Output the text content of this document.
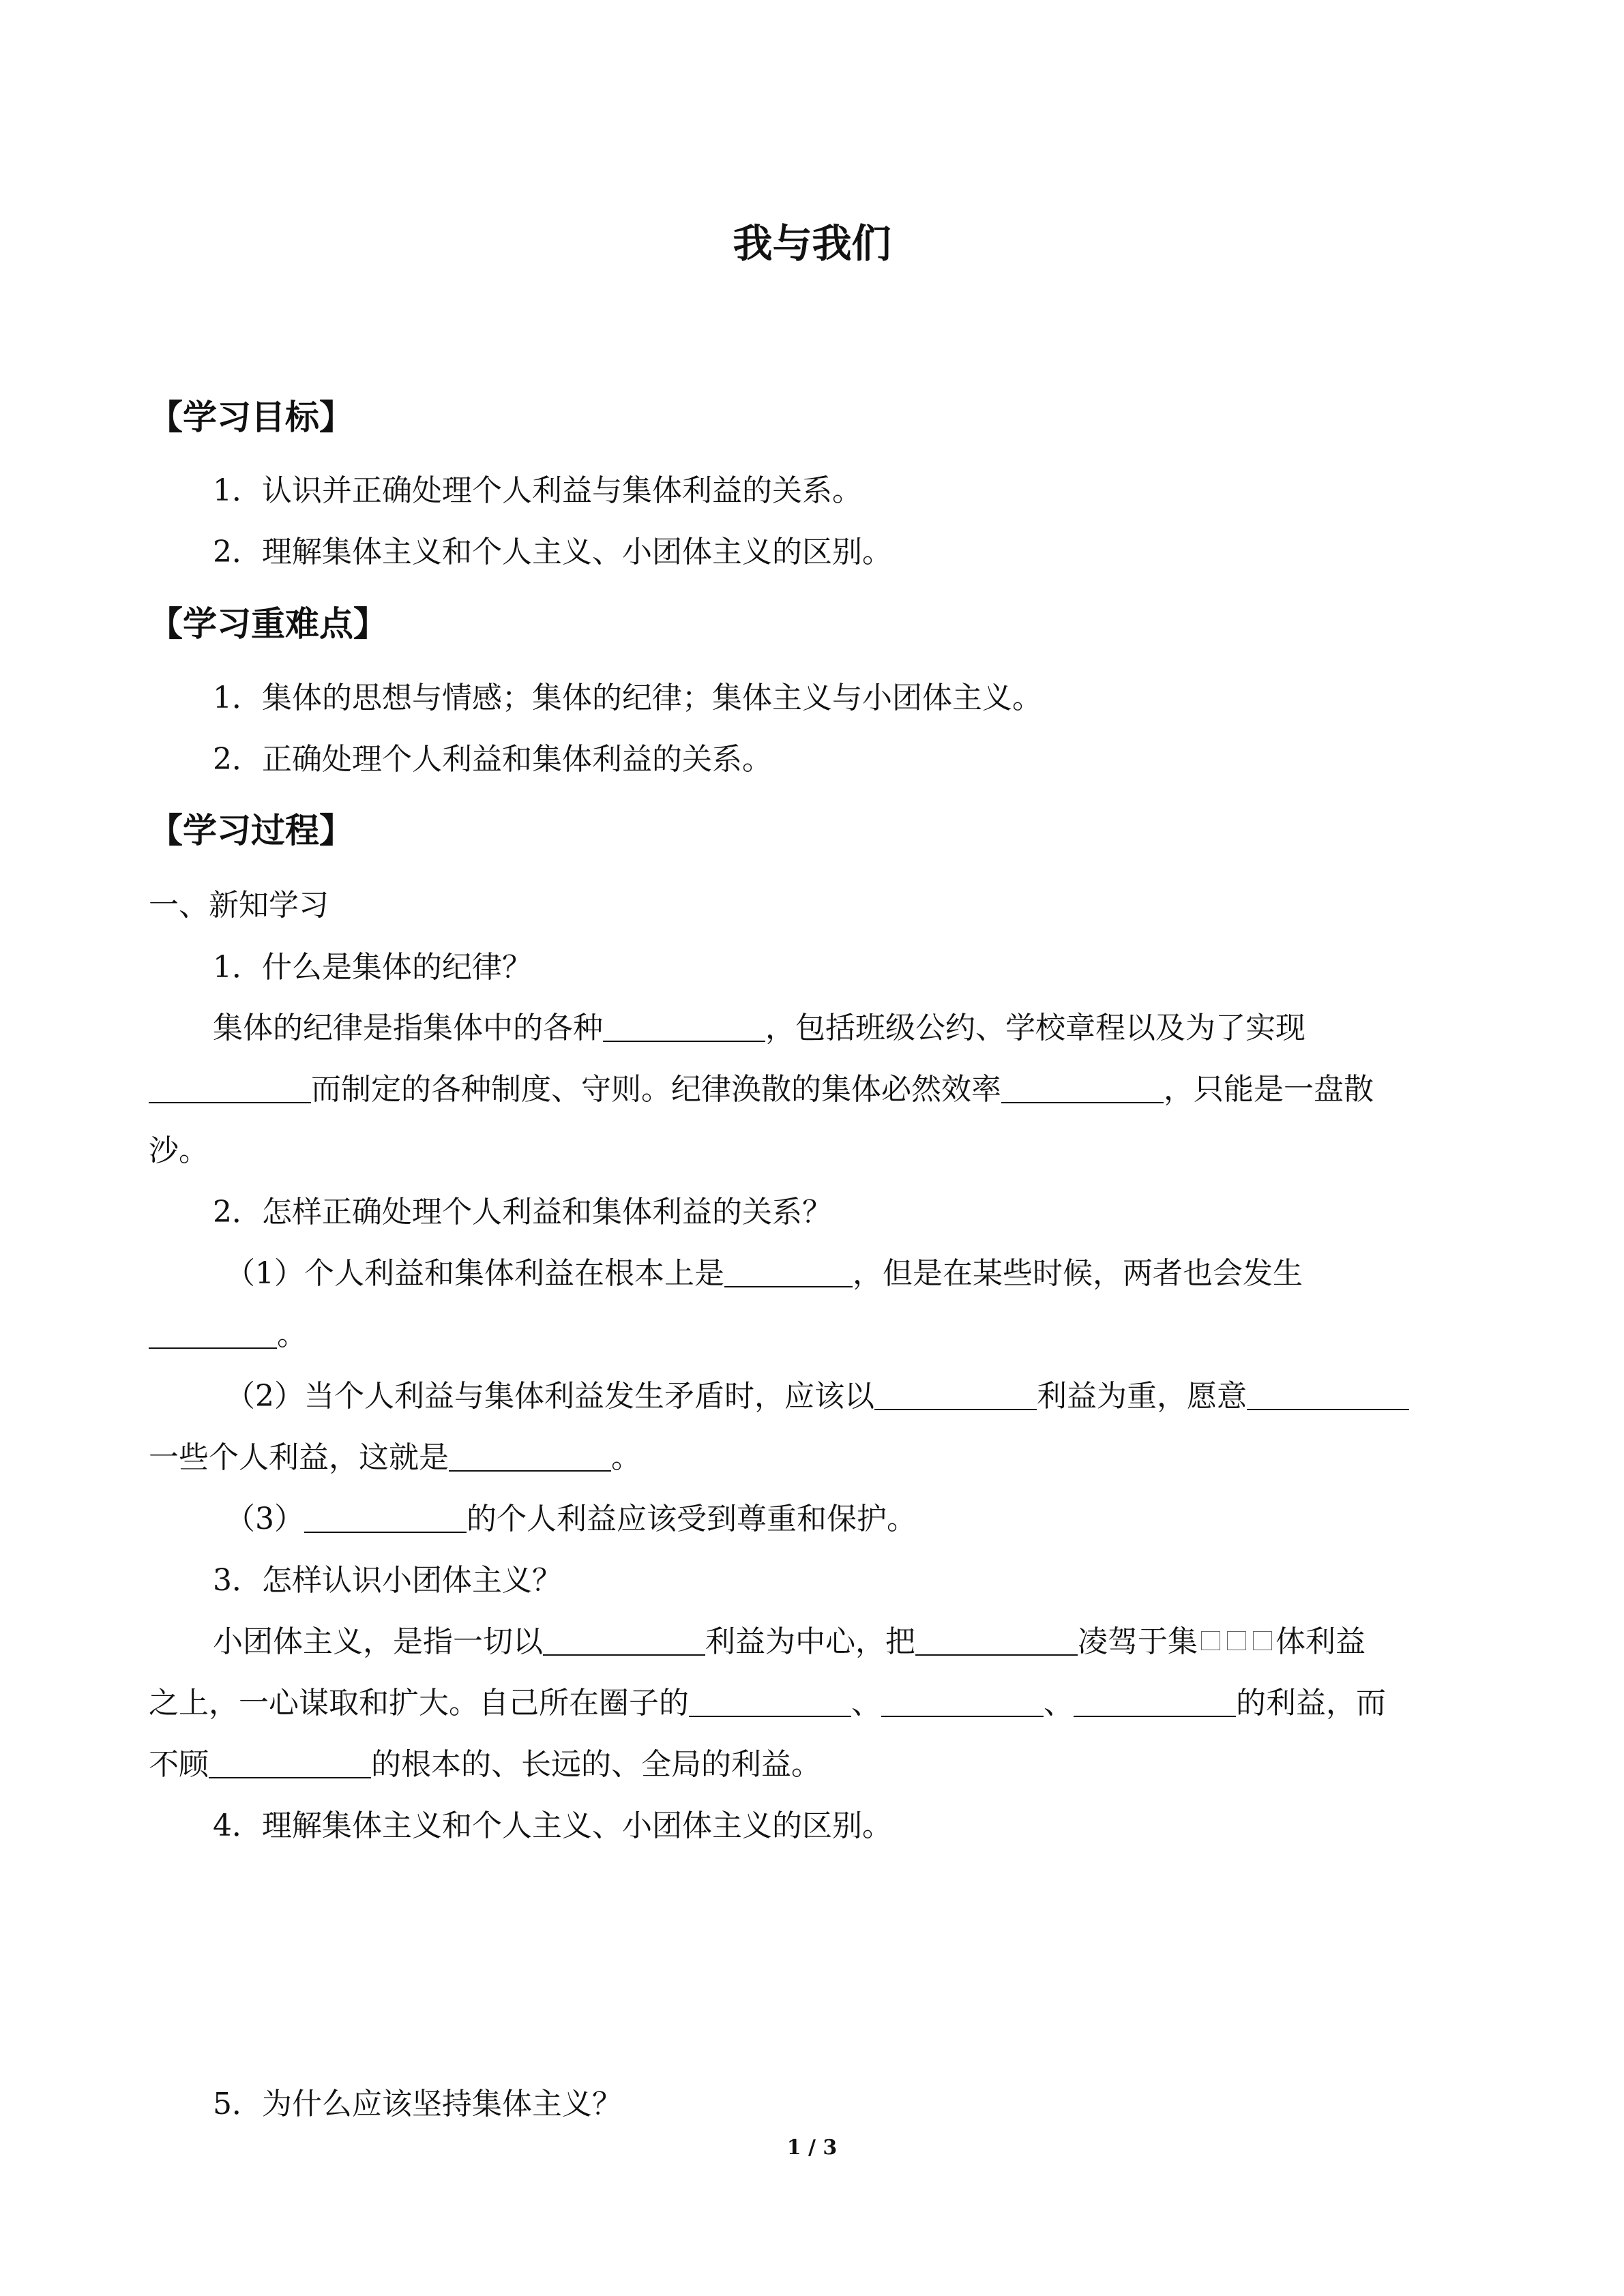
我与我们
【学习目标】
1．认识并正确处理个人利益与集体利益的关系。
2．理解集体主义和个人主义、小团体主义的区别。
【学习重难点】
1．集体的思想与情感；集体的纪律；集体主义与小团体主义。
2．正确处理个人利益和集体利益的关系。
【学习过程】
一、新知学习
1．什么是集体的纪律？
集体的纪律是指集体中的各种	，包括班级公约、学校章程以及为了实现
而制定的各种制度、守则。纪律涣散的集体必然效率	，只能是一盘散
沙。
2．怎样正确处理个人利益和集体利益的关系？
（1）个人利益和集体利益在根本上是	，但是在某些时候，两者也会发生
。
（2）当个人利益与集体利益发生矛盾时，应该以	利益为重，愿意
一些个人利益，这就是	。
（3）	的个人利益应该受到尊重和保护。
3．怎样认识小团体主义？
小团体主义，是指一切以	利益为中心，把	凌驾于集	体利益
之上，一心谋取和扩大。自己所在圈子的	、	、	的利益，而
不顾	的根本的、长远的、全局的利益。
4．理解集体主义和个人主义、小团体主义的区别。
5．为什么应该坚持集体主义？
1 / 3
